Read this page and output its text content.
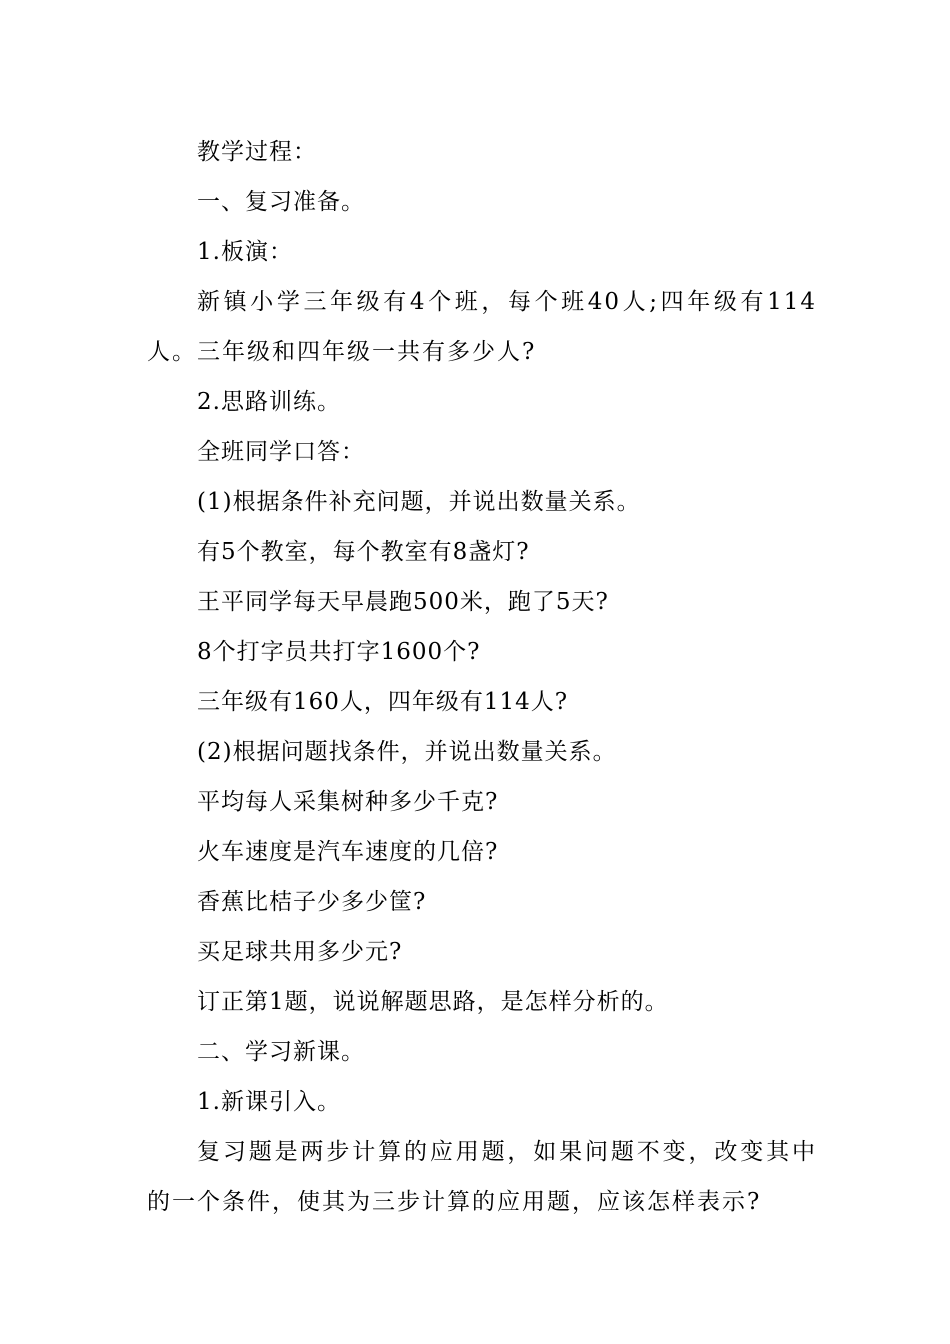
教学过程：

一、复习准备。

1.板演：

新镇小学三年级有4个班，每个班40人;四年级有114人。三年级和四年级一共有多少人?

2.思路训练。

全班同学口答：

(1)根据条件补充问题，并说出数量关系。

有5个教室，每个教室有8盏灯?

王平同学每天早晨跑500米，跑了5天?

8个打字员共打字1600个?

三年级有160人，四年级有114人?

(2)根据问题找条件，并说出数量关系。

平均每人采集树种多少千克?

火车速度是汽车速度的几倍?

香蕉比桔子少多少筐?

买足球共用多少元?

订正第1题，说说解题思路，是怎样分析的。

二、学习新课。

1.新课引入。

复习题是两步计算的应用题，如果问题不变，改变其中的一个条件，使其为三步计算的应用题，应该怎样表示?
